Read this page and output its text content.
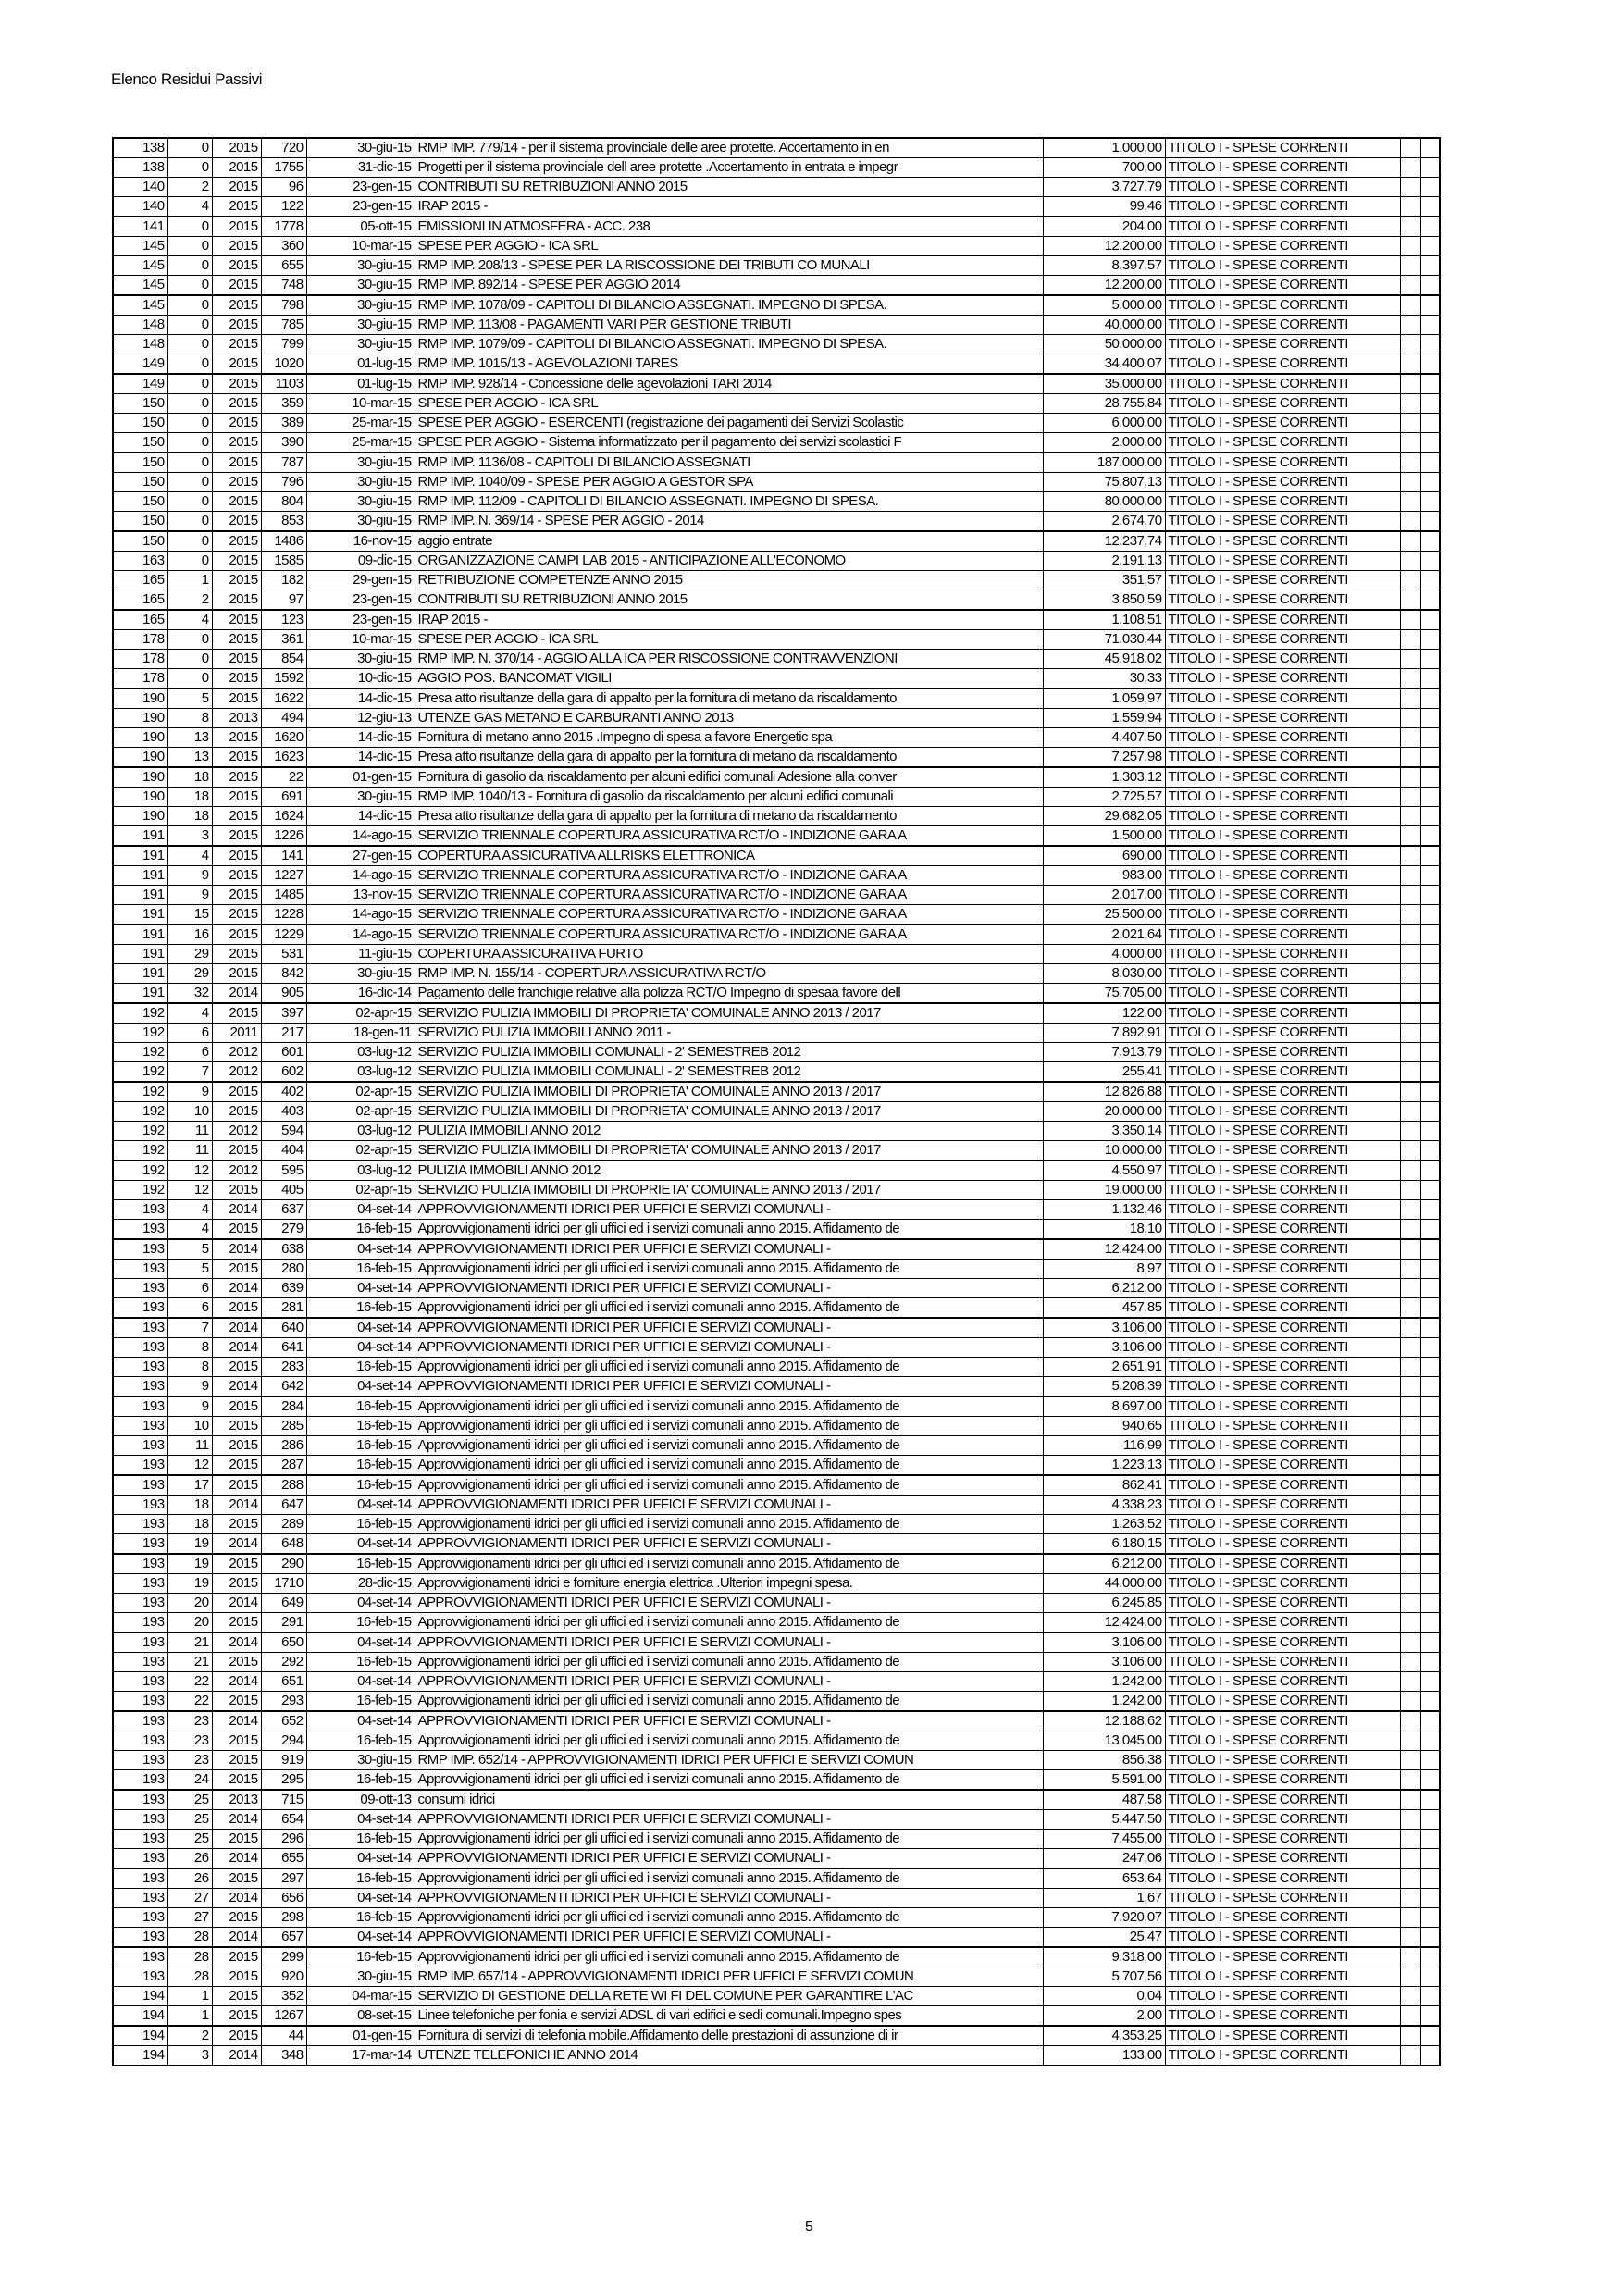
Elenco Residui Passivi
138	0	2015	720	30-giu-15	RMP IMP. 779/14 - per il sistema provinciale delle aree protette. Accertamento in en	1.000,00	TITOLO I - SPESE CORRENTI		
138	0	2015	1755	31-dic-15	Progetti per il sistema provinciale dell aree protette .Accertamento in entrata e impegr	700,00	TITOLO I - SPESE CORRENTI		
140	2	2015	96	23-gen-15	CONTRIBUTI SU RETRIBUZIONI ANNO 2015	3.727,79	TITOLO I - SPESE CORRENTI		
140	4	2015	122	23-gen-15	IRAP 2015 -	99,46	TITOLO I - SPESE CORRENTI		
141	0	2015	1778	05-ott-15	EMISSIONI IN ATMOSFERA - ACC. 238	204,00	TITOLO I - SPESE CORRENTI		
145	0	2015	360	10-mar-15	SPESE PER AGGIO - ICA SRL	12.200,00	TITOLO I - SPESE CORRENTI		
145	0	2015	655	30-giu-15	RMP IMP. 208/13 - SPESE PER LA RISCOSSIONE DEI TRIBUTI CO MUNALI	8.397,57	TITOLO I - SPESE CORRENTI		
145	0	2015	748	30-giu-15	RMP IMP. 892/14 - SPESE PER AGGIO 2014	12.200,00	TITOLO I - SPESE CORRENTI		
145	0	2015	798	30-giu-15	RMP IMP. 1078/09 - CAPITOLI DI BILANCIO ASSEGNATI. IMPEGNO DI SPESA.	5.000,00	TITOLO I - SPESE CORRENTI		
148	0	2015	785	30-giu-15	RMP IMP. 113/08 - PAGAMENTI VARI PER GESTIONE TRIBUTI	40.000,00	TITOLO I - SPESE CORRENTI		
148	0	2015	799	30-giu-15	RMP IMP. 1079/09 - CAPITOLI DI BILANCIO ASSEGNATI. IMPEGNO DI SPESA.	50.000,00	TITOLO I - SPESE CORRENTI		
149	0	2015	1020	01-lug-15	RMP IMP. 1015/13 - AGEVOLAZIONI TARES	34.400,07	TITOLO I - SPESE CORRENTI		
149	0	2015	1103	01-lug-15	RMP IMP. 928/14 - Concessione delle agevolazioni TARI 2014	35.000,00	TITOLO I - SPESE CORRENTI		
150	0	2015	359	10-mar-15	SPESE PER AGGIO - ICA SRL	28.755,84	TITOLO I - SPESE CORRENTI		
150	0	2015	389	25-mar-15	SPESE PER AGGIO - ESERCENTI (registrazione dei pagamenti dei Servizi Scolastic	6.000,00	TITOLO I - SPESE CORRENTI		
150	0	2015	390	25-mar-15	SPESE PER AGGIO - Sistema informatizzato per il pagamento dei servizi scolastici F	2.000,00	TITOLO I - SPESE CORRENTI		
150	0	2015	787	30-giu-15	RMP IMP. 1136/08 - CAPITOLI DI BILANCIO ASSEGNATI	187.000,00	TITOLO I - SPESE CORRENTI		
150	0	2015	796	30-giu-15	RMP IMP. 1040/09 - SPESE PER AGGIO A GESTOR SPA	75.807,13	TITOLO I - SPESE CORRENTI		
150	0	2015	804	30-giu-15	RMP IMP. 112/09 - CAPITOLI DI BILANCIO ASSEGNATI. IMPEGNO DI SPESA.	80.000,00	TITOLO I - SPESE CORRENTI		
150	0	2015	853	30-giu-15	RMP IMP. N. 369/14 - SPESE PER AGGIO - 2014	2.674,70	TITOLO I - SPESE CORRENTI		
150	0	2015	1486	16-nov-15	aggio entrate	12.237,74	TITOLO I - SPESE CORRENTI		
163	0	2015	1585	09-dic-15	ORGANIZZAZIONE CAMPI LAB 2015 - ANTICIPAZIONE ALL'ECONOMO	2.191,13	TITOLO I - SPESE CORRENTI		
165	1	2015	182	29-gen-15	RETRIBUZIONE COMPETENZE ANNO 2015	351,57	TITOLO I - SPESE CORRENTI		
165	2	2015	97	23-gen-15	CONTRIBUTI SU RETRIBUZIONI ANNO 2015	3.850,59	TITOLO I - SPESE CORRENTI		
165	4	2015	123	23-gen-15	IRAP 2015 -	1.108,51	TITOLO I - SPESE CORRENTI		
178	0	2015	361	10-mar-15	SPESE PER AGGIO - ICA SRL	71.030,44	TITOLO I - SPESE CORRENTI		
178	0	2015	854	30-giu-15	RMP IMP. N. 370/14 - AGGIO ALLA ICA PER RISCOSSIONE CONTRAVVENZIONI	45.918,02	TITOLO I - SPESE CORRENTI		
178	0	2015	1592	10-dic-15	AGGIO POS. BANCOMAT VIGILI	30,33	TITOLO I - SPESE CORRENTI		
190	5	2015	1622	14-dic-15	Presa atto risultanze della gara di appalto per la fornitura di metano da riscaldamento	1.059,97	TITOLO I - SPESE CORRENTI		
190	8	2013	494	12-giu-13	UTENZE GAS METANO E CARBURANTI ANNO 2013	1.559,94	TITOLO I - SPESE CORRENTI		
190	13	2015	1620	14-dic-15	Fornitura di metano anno 2015 .Impegno di spesa a favore Energetic spa	4.407,50	TITOLO I - SPESE CORRENTI		
190	13	2015	1623	14-dic-15	Presa atto risultanze della gara di appalto per la fornitura di metano da riscaldamento	7.257,98	TITOLO I - SPESE CORRENTI		
190	18	2015	22	01-gen-15	Fornitura di gasolio da riscaldamento per alcuni edifici comunali Adesione alla conver	1.303,12	TITOLO I - SPESE CORRENTI		
190	18	2015	691	30-giu-15	RMP IMP. 1040/13 - Fornitura di gasolio da riscaldamento per alcuni edifici comunali	2.725,57	TITOLO I - SPESE CORRENTI		
190	18	2015	1624	14-dic-15	Presa atto risultanze della gara di appalto per la fornitura di metano da riscaldamento	29.682,05	TITOLO I - SPESE CORRENTI		
191	3	2015	1226	14-ago-15	SERVIZIO TRIENNALE COPERTURA ASSICURATIVA RCT/O - INDIZIONE GARA A	1.500,00	TITOLO I - SPESE CORRENTI		
191	4	2015	141	27-gen-15	COPERTURA ASSICURATIVA ALLRISKS ELETTRONICA	690,00	TITOLO I - SPESE CORRENTI		
191	9	2015	1227	14-ago-15	SERVIZIO TRIENNALE COPERTURA ASSICURATIVA RCT/O - INDIZIONE GARA A	983,00	TITOLO I - SPESE CORRENTI		
191	9	2015	1485	13-nov-15	SERVIZIO TRIENNALE COPERTURA ASSICURATIVA RCT/O - INDIZIONE GARA A	2.017,00	TITOLO I - SPESE CORRENTI		
191	15	2015	1228	14-ago-15	SERVIZIO TRIENNALE COPERTURA ASSICURATIVA RCT/O - INDIZIONE GARA A	25.500,00	TITOLO I - SPESE CORRENTI		
191	16	2015	1229	14-ago-15	SERVIZIO TRIENNALE COPERTURA ASSICURATIVA RCT/O - INDIZIONE GARA A	2.021,64	TITOLO I - SPESE CORRENTI		
191	29	2015	531	11-giu-15	COPERTURA ASSICURATIVA FURTO	4.000,00	TITOLO I - SPESE CORRENTI		
191	29	2015	842	30-giu-15	RMP IMP. N. 155/14 - COPERTURA ASSICURATIVA RCT/O	8.030,00	TITOLO I - SPESE CORRENTI		
191	32	2014	905	16-dic-14	Pagamento delle franchigie relative alla polizza RCT/O Impegno di spesaa favore dell	75.705,00	TITOLO I - SPESE CORRENTI		
192	4	2015	397	02-apr-15	SERVIZIO PULIZIA IMMOBILI DI PROPRIETA' COMUINALE ANNO 2013 / 2017	122,00	TITOLO I - SPESE CORRENTI		
192	6	2011	217	18-gen-11	SERVIZIO PULIZIA IMMOBILI ANNO 2011 -	7.892,91	TITOLO I - SPESE CORRENTI		
192	6	2012	601	03-lug-12	SERVIZIO PULIZIA IMMOBILI COMUNALI - 2' SEMESTREB 2012	7.913,79	TITOLO I - SPESE CORRENTI		
192	7	2012	602	03-lug-12	SERVIZIO PULIZIA IMMOBILI COMUNALI - 2' SEMESTREB 2012	255,41	TITOLO I - SPESE CORRENTI		
192	9	2015	402	02-apr-15	SERVIZIO PULIZIA IMMOBILI DI PROPRIETA' COMUINALE ANNO 2013 / 2017	12.826,88	TITOLO I - SPESE CORRENTI		
192	10	2015	403	02-apr-15	SERVIZIO PULIZIA IMMOBILI DI PROPRIETA' COMUINALE ANNO 2013 / 2017	20.000,00	TITOLO I - SPESE CORRENTI		
192	11	2012	594	03-lug-12	PULIZIA IMMOBILI ANNO 2012	3.350,14	TITOLO I - SPESE CORRENTI		
192	11	2015	404	02-apr-15	SERVIZIO PULIZIA IMMOBILI DI PROPRIETA' COMUINALE ANNO 2013 / 2017	10.000,00	TITOLO I - SPESE CORRENTI		
192	12	2012	595	03-lug-12	PULIZIA IMMOBILI ANNO 2012	4.550,97	TITOLO I - SPESE CORRENTI		
192	12	2015	405	02-apr-15	SERVIZIO PULIZIA IMMOBILI DI PROPRIETA' COMUINALE ANNO 2013 / 2017	19.000,00	TITOLO I - SPESE CORRENTI		
193	4	2014	637	04-set-14	APPROVVIGIONAMENTI IDRICI PER UFFICI E SERVIZI COMUNALI -	1.132,46	TITOLO I - SPESE CORRENTI		
193	4	2015	279	16-feb-15	Approvvigionamenti idrici per gli uffici ed i servizi comunali anno 2015. Affidamento de	18,10	TITOLO I - SPESE CORRENTI		
193	5	2014	638	04-set-14	APPROVVIGIONAMENTI IDRICI PER UFFICI E SERVIZI COMUNALI -	12.424,00	TITOLO I - SPESE CORRENTI		
193	5	2015	280	16-feb-15	Approvvigionamenti idrici per gli uffici ed i servizi comunali anno 2015. Affidamento de	8,97	TITOLO I - SPESE CORRENTI		
193	6	2014	639	04-set-14	APPROVVIGIONAMENTI IDRICI PER UFFICI E SERVIZI COMUNALI -	6.212,00	TITOLO I - SPESE CORRENTI		
193	6	2015	281	16-feb-15	Approvvigionamenti idrici per gli uffici ed i servizi comunali anno 2015. Affidamento de	457,85	TITOLO I - SPESE CORRENTI		
193	7	2014	640	04-set-14	APPROVVIGIONAMENTI IDRICI PER UFFICI E SERVIZI COMUNALI -	3.106,00	TITOLO I - SPESE CORRENTI		
193	8	2014	641	04-set-14	APPROVVIGIONAMENTI IDRICI PER UFFICI E SERVIZI COMUNALI -	3.106,00	TITOLO I - SPESE CORRENTI		
193	8	2015	283	16-feb-15	Approvvigionamenti idrici per gli uffici ed i servizi comunali anno 2015. Affidamento de	2.651,91	TITOLO I - SPESE CORRENTI		
193	9	2014	642	04-set-14	APPROVVIGIONAMENTI IDRICI PER UFFICI E SERVIZI COMUNALI -	5.208,39	TITOLO I - SPESE CORRENTI		
193	9	2015	284	16-feb-15	Approvvigionamenti idrici per gli uffici ed i servizi comunali anno 2015. Affidamento de	8.697,00	TITOLO I - SPESE CORRENTI		
193	10	2015	285	16-feb-15	Approvvigionamenti idrici per gli uffici ed i servizi comunali anno 2015. Affidamento de	940,65	TITOLO I - SPESE CORRENTI		
193	11	2015	286	16-feb-15	Approvvigionamenti idrici per gli uffici ed i servizi comunali anno 2015. Affidamento de	116,99	TITOLO I - SPESE CORRENTI		
193	12	2015	287	16-feb-15	Approvvigionamenti idrici per gli uffici ed i servizi comunali anno 2015. Affidamento de	1.223,13	TITOLO I - SPESE CORRENTI		
193	17	2015	288	16-feb-15	Approvvigionamenti idrici per gli uffici ed i servizi comunali anno 2015. Affidamento de	862,41	TITOLO I - SPESE CORRENTI		
193	18	2014	647	04-set-14	APPROVVIGIONAMENTI IDRICI PER UFFICI E SERVIZI COMUNALI -	4.338,23	TITOLO I - SPESE CORRENTI		
193	18	2015	289	16-feb-15	Approvvigionamenti idrici per gli uffici ed i servizi comunali anno 2015. Affidamento de	1.263,52	TITOLO I - SPESE CORRENTI		
193	19	2014	648	04-set-14	APPROVVIGIONAMENTI IDRICI PER UFFICI E SERVIZI COMUNALI -	6.180,15	TITOLO I - SPESE CORRENTI		
193	19	2015	290	16-feb-15	Approvvigionamenti idrici per gli uffici ed i servizi comunali anno 2015. Affidamento de	6.212,00	TITOLO I - SPESE CORRENTI		
193	19	2015	1710	28-dic-15	Approvvigionamenti idrici e forniture energia elettrica .Ulteriori impegni spesa.	44.000,00	TITOLO I - SPESE CORRENTI		
193	20	2014	649	04-set-14	APPROVVIGIONAMENTI IDRICI PER UFFICI E SERVIZI COMUNALI -	6.245,85	TITOLO I - SPESE CORRENTI		
193	20	2015	291	16-feb-15	Approvvigionamenti idrici per gli uffici ed i servizi comunali anno 2015. Affidamento de	12.424,00	TITOLO I - SPESE CORRENTI		
193	21	2014	650	04-set-14	APPROVVIGIONAMENTI IDRICI PER UFFICI E SERVIZI COMUNALI -	3.106,00	TITOLO I - SPESE CORRENTI		
193	21	2015	292	16-feb-15	Approvvigionamenti idrici per gli uffici ed i servizi comunali anno 2015. Affidamento de	3.106,00	TITOLO I - SPESE CORRENTI		
193	22	2014	651	04-set-14	APPROVVIGIONAMENTI IDRICI PER UFFICI E SERVIZI COMUNALI -	1.242,00	TITOLO I - SPESE CORRENTI		
193	22	2015	293	16-feb-15	Approvvigionamenti idrici per gli uffici ed i servizi comunali anno 2015. Affidamento de	1.242,00	TITOLO I - SPESE CORRENTI		
193	23	2014	652	04-set-14	APPROVVIGIONAMENTI IDRICI PER UFFICI E SERVIZI COMUNALI -	12.188,62	TITOLO I - SPESE CORRENTI		
193	23	2015	294	16-feb-15	Approvvigionamenti idrici per gli uffici ed i servizi comunali anno 2015. Affidamento de	13.045,00	TITOLO I - SPESE CORRENTI		
193	23	2015	919	30-giu-15	RMP IMP. 652/14 - APPROVVIGIONAMENTI IDRICI PER UFFICI E SERVIZI COMUN	856,38	TITOLO I - SPESE CORRENTI		
193	24	2015	295	16-feb-15	Approvvigionamenti idrici per gli uffici ed i servizi comunali anno 2015. Affidamento de	5.591,00	TITOLO I - SPESE CORRENTI		
193	25	2013	715	09-ott-13	consumi idrici	487,58	TITOLO I - SPESE CORRENTI		
193	25	2014	654	04-set-14	APPROVVIGIONAMENTI IDRICI PER UFFICI E SERVIZI COMUNALI -	5.447,50	TITOLO I - SPESE CORRENTI		
193	25	2015	296	16-feb-15	Approvvigionamenti idrici per gli uffici ed i servizi comunali anno 2015. Affidamento de	7.455,00	TITOLO I - SPESE CORRENTI		
193	26	2014	655	04-set-14	APPROVVIGIONAMENTI IDRICI PER UFFICI E SERVIZI COMUNALI -	247,06	TITOLO I - SPESE CORRENTI		
193	26	2015	297	16-feb-15	Approvvigionamenti idrici per gli uffici ed i servizi comunali anno 2015. Affidamento de	653,64	TITOLO I - SPESE CORRENTI		
193	27	2014	656	04-set-14	APPROVVIGIONAMENTI IDRICI PER UFFICI E SERVIZI COMUNALI -	1,67	TITOLO I - SPESE CORRENTI		
193	27	2015	298	16-feb-15	Approvvigionamenti idrici per gli uffici ed i servizi comunali anno 2015. Affidamento de	7.920,07	TITOLO I - SPESE CORRENTI		
193	28	2014	657	04-set-14	APPROVVIGIONAMENTI IDRICI PER UFFICI E SERVIZI COMUNALI -	25,47	TITOLO I - SPESE CORRENTI		
193	28	2015	299	16-feb-15	Approvvigionamenti idrici per gli uffici ed i servizi comunali anno 2015. Affidamento de	9.318,00	TITOLO I - SPESE CORRENTI		
193	28	2015	920	30-giu-15	RMP IMP. 657/14 - APPROVVIGIONAMENTI IDRICI PER UFFICI E SERVIZI COMUN	5.707,56	TITOLO I - SPESE CORRENTI		
194	1	2015	352	04-mar-15	SERVIZIO DI GESTIONE DELLA RETE WI FI DEL COMUNE PER GARANTIRE L'AC	0,04	TITOLO I - SPESE CORRENTI		
194	1	2015	1267	08-set-15	Linee telefoniche per fonia e servizi ADSL di vari edifici e sedi comunali.Impegno spes	2,00	TITOLO I - SPESE CORRENTI		
194	2	2015	44	01-gen-15	Fornitura di servizi di telefonia mobile.Affidamento delle prestazioni di assunzione di ir	4.353,25	TITOLO I - SPESE CORRENTI		
194	3	2014	348	17-mar-14	UTENZE TELEFONICHE ANNO 2014	133,00	TITOLO I - SPESE CORRENTI		
5
